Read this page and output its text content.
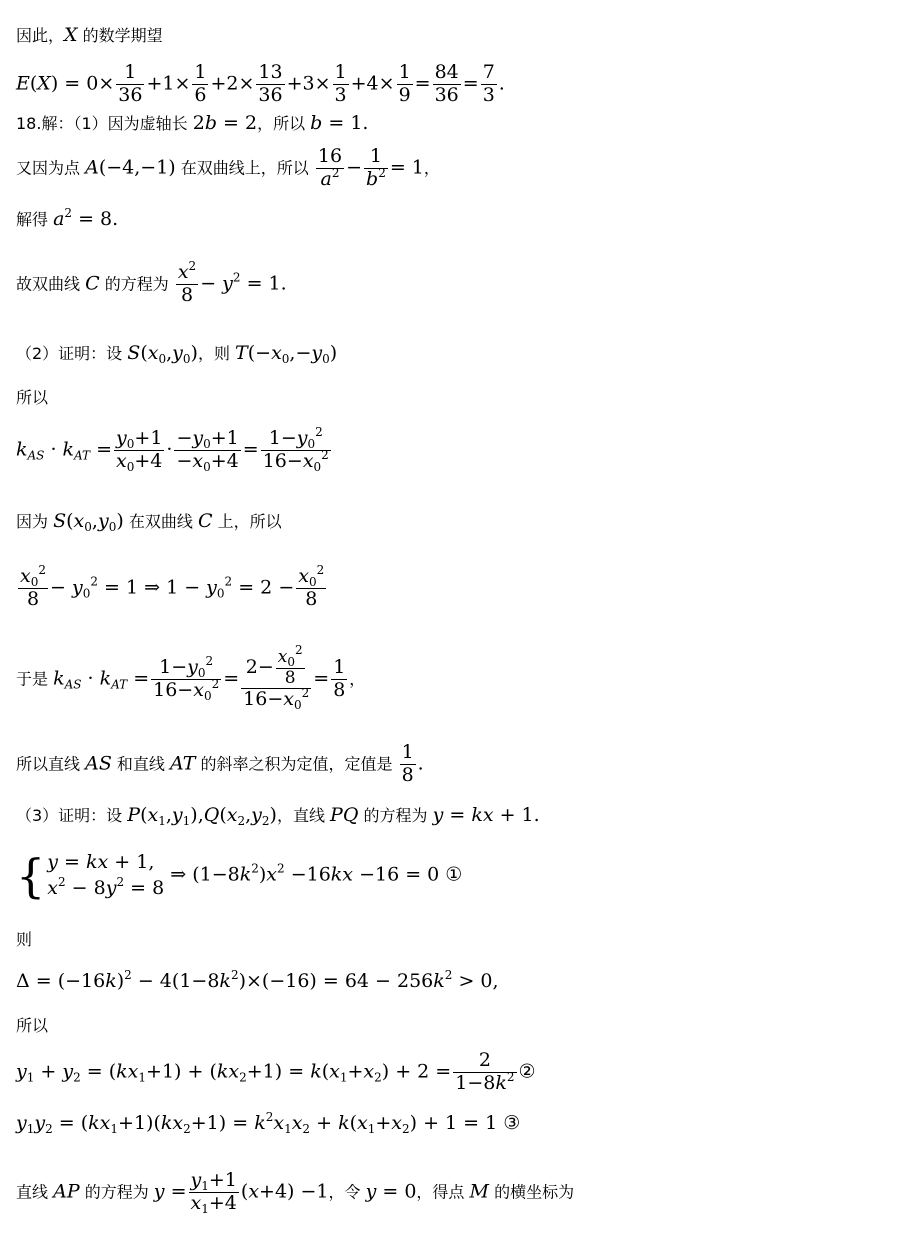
因此，X 的数学期望
$E(X) = 0\times \frac{1}{36} +1\times \frac{1}{6} +2\times \frac{13}{36} +3\times \frac{1}{3} +4\times \frac{1}{9} = \frac{84}{36} = \frac{7}{3}$ .
18.解：（1）因为虚轴长 2b = 2，所以 b = 1.
又因为点 A(−4,−1) 在双曲线上，所以 $\frac{16}{a^2} - \frac{1}{b^2} = 1$，
解得 $a^2 = 8$.
故双曲线 C 的方程为 $\frac{x^2}{8} - y^2 = 1$.
（2）证明：设 $S(x_0,y_0)$，则 $T(-x_0,-y_0)$
所以
$k_{AS} \cdot k_{AT} = \frac{y_0+1}{x_0+4} \cdot \frac{-y_0+1}{-x_0+4} = \frac{1-y_0^2}{16-x_0^2}$
因为 $S(x_0,y_0)$ 在双曲线 C 上，所以
$\frac{x_0^2}{8} - y_0^2 = 1$ ⇒ $1 - y_0^2 = 2 - \frac{x_0^2}{8}$
于是 $k_{AS} \cdot k_{AT} = \frac{1-y_0^2}{16-x_0^2} = \frac{2- \frac{x_0^2}{8}}{16-x_0^2} = \frac{1}{8}$ ，
所以直线 AS 和直线 AT 的斜率之积为定值，定值是 $\frac{1}{8}$ .
（3）证明：设 $P(x_1,y_1),Q(x_2,y_2)$，直线 PQ 的方程为 y = kx + 1.
{ y = kx + 1,
$x^2 - 8y^2 = 8$
⇒ $(1-8k^2)x^2 -16kx -16 = 0$ ①
则
$\Delta = (-16k)^2 - 4(1-8k^2)\times(-16) = 64 - 256k^2 > 0$,
所以
$y_1 + y_2 = (kx_1+1) + (kx_2+1) = k(x_1+x_2) + 2 = \frac{2}{1-8k^2}$ ②
$y_1y_2 = (kx_1+1)(kx_2+1) = k^2x_1x_2 + k(x_1+x_2) + 1 = 1$ ③
直线 AP 的方程为 $y = \frac{y_1+1}{x_1+4} (x+4) -1$，令 y = 0，得点 M 的横坐标为
